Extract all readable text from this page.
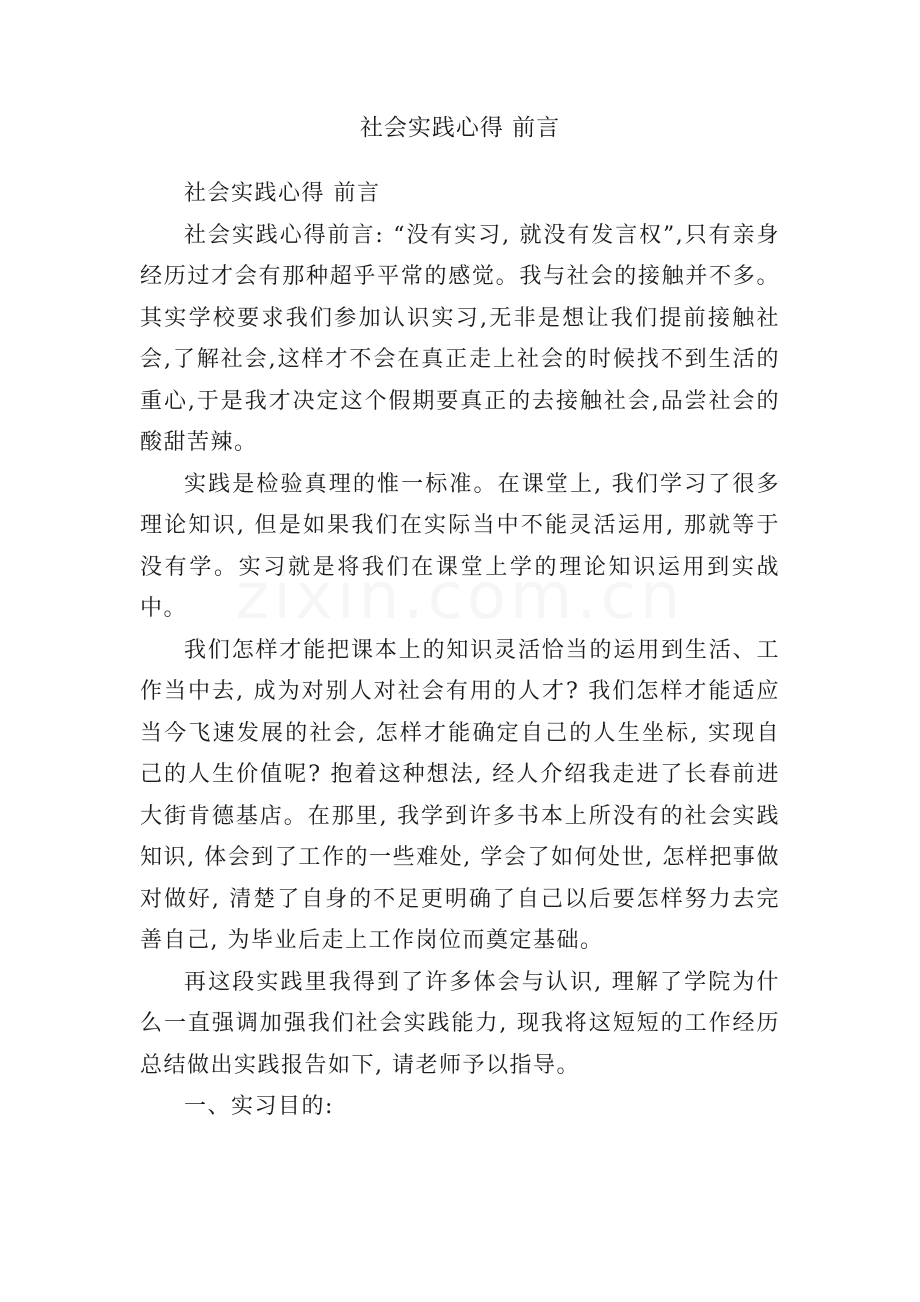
社会实践心得 前言

社会实践心得 前言

社会实践心得前言: “没有实习, 就没有发言权”,只有亲身经历过才会有那种超乎平常的感觉。我与社会的接触并不多。其实学校要求我们参加认识实习,无非是想让我们提前接触社会,了解社会,这样才不会在真正走上社会的时候找不到生活的重心,于是我才决定这个假期要真正的去接触社会,品尝社会的酸甜苦辣。

实践是检验真理的惟一标准。在课堂上, 我们学习了很多理论知识, 但是如果我们在实际当中不能灵活运用, 那就等于没有学。实习就是将我们在课堂上学的理论知识运用到实战中。

我们怎样才能把课本上的知识灵活恰当的运用到生活、工作当中去, 成为对别人对社会有用的人才? 我们怎样才能适应当今飞速发展的社会, 怎样才能确定自己的人生坐标, 实现自己的人生价值呢? 抱着这种想法, 经人介绍我走进了长春前进大街肯德基店。在那里, 我学到许多书本上所没有的社会实践知识, 体会到了工作的一些难处, 学会了如何处世, 怎样把事做对做好, 清楚了自身的不足更明确了自己以后要怎样努力去完善自己, 为毕业后走上工作岗位而奠定基础。

再这段实践里我得到了许多体会与认识, 理解了学院为什么一直强调加强我们社会实践能力, 现我将这短短的工作经历总结做出实践报告如下, 请老师予以指导。

一、实习目的:
